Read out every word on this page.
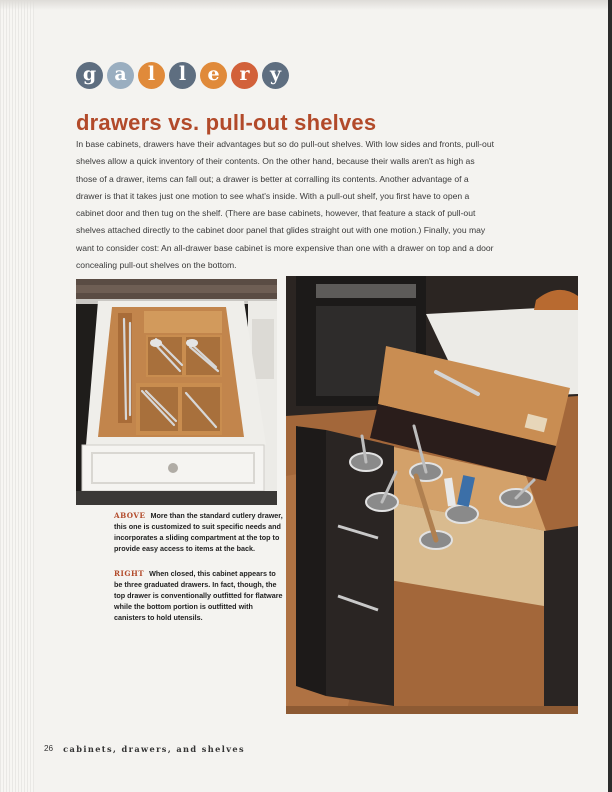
g a	l	l	e	r	y
drawers vs. pull-out shelves

In base cabinets, drawers have their advantages but so do pull-out shelves. With low sides and fronts, pull-out shelves allow a quick inventory of their contents. On the other hand, because their walls aren't as high as those of a drawer, items can fall out; a drawer is better at corralling its contents. Another advantage of a drawer is that it takes just one motion to see what's inside. With a pull-out shelf, you first have to open a cabinet door and then tug on the shelf. (There are base cabinets, however, that feature a stack of pull-out shelves attached directly to the cabinet door panel that glides straight out with one motion.) Finally, you may want to consider cost: An all-drawer base cabinet is more expensive than one with a drawer on top and a door concealing pull-out shelves on the bottom.

ABOVE More than the standard cutlery drawer, this one is customized to suit specific needs and incorporates a sliding compartment at the top to provide easy access to items at the back.

RIGHT When closed, this cabinet appears to be three graduated drawers. In fact, though, the top drawer is conventionally outfitted for flatware while the bottom portion is outfitted with canisters to hold utensils.

26 cabinets, drawers, and shelves
